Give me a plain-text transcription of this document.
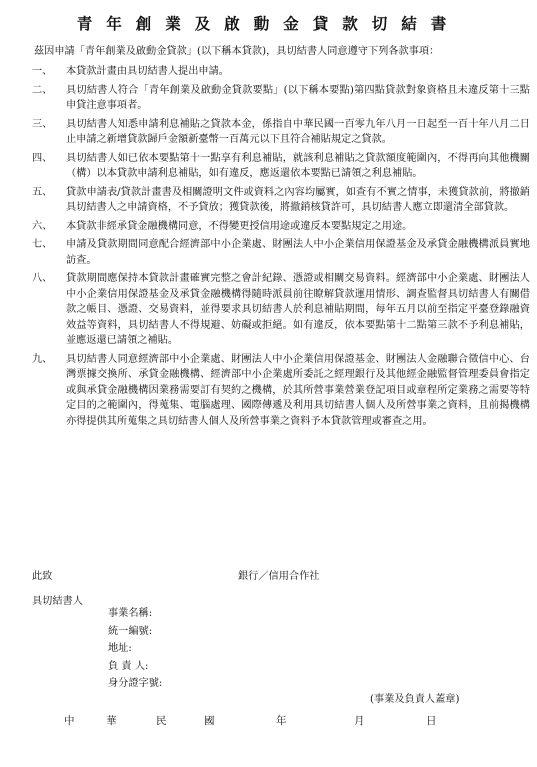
青年創業及啟動金貸款切結書
茲因申請「青年創業及啟動金貸款」(以下稱本貸款)，具切結書人同意遵守下列各款事項：
一、	本貸款計畫由具切結書人提出申請。
二、	具切結書人符合「青年創業及啟動金貸款要點」(以下稱本要點)第四點貸款對象資格且未違反第十三點申貸注意事項者。
三、	具切結書人知悉申請利息補貼之貸款本金，係指自中華民國一百零九年八月一日起至一百十年八月二日止申請之新增貸款歸戶金額新臺幣一百萬元以下且符合補貼規定之貸款。
四、	具切結書人如已依本要點第十一點享有利息補貼，就該利息補貼之貸款額度範圍內，不得再向其他機關（構）以本貸款申請利息補貼，如有違反，應返還依本要點已請領之利息補貼。
五、	貸款申請表/貸款計畫書及相關證明文件或資料之內容均屬實，如查有不實之情事，未獲貸款前，將撤銷具切結書人之申請資格，不予貸放；獲貸款後，將撤銷核貸許可，具切結書人應立即還清全部貸款。
六、	本貸款非經承貸金融機構同意，不得變更授信用途或違反本要點規定之用途。
七、	申請及貸款期間同意配合經濟部中小企業處、財團法人中小企業信用保證基金及承貸金融機構派員實地訪查。
八、	貸款期間應保持本貸款計畫確實完整之會計紀錄、憑證或相關交易資料。經濟部中小企業處、財團法人中小企業信用保證基金及承貸金融機構得隨時派員前往瞭解貸款運用情形、調查監督具切結書人有關借款之帳目、憑證、交易資料，並得要求具切結書人於利息補貼期間，每年五月以前至指定平臺登錄融資效益等資料，具切結書人不得規避、妨礙或拒絕。如有違反，依本要點第十二點第三款不予利息補貼，並應返還已請領之補貼。
九、	具切結書人同意經濟部中小企業處、財團法人中小企業信用保證基金、財團法人金融聯合徵信中心、台灣票據交換所、承貸金融機構、經濟部中小企業處所委託之經理銀行及其他經金融監督管理委員會指定或與承貸金融機構因業務需要訂有契約之機構，於其所營事業營業登記項目或章程所定業務之需要等特定目的之範圍內，得蒐集、電腦處理、國際傳遞及利用具切結書人個人及所營事業之資料，且前揭機構亦得提供其所蒐集之具切結書人個人及所營事業之資料予本貸款管理或審查之用。
此致	銀行／信用合作社
具切結書人
事業名稱:
統一編號:
地址:
負 責 人:
身分證字號:
(事業及負責人蓋章)
中	華	民	國	年	月	日
